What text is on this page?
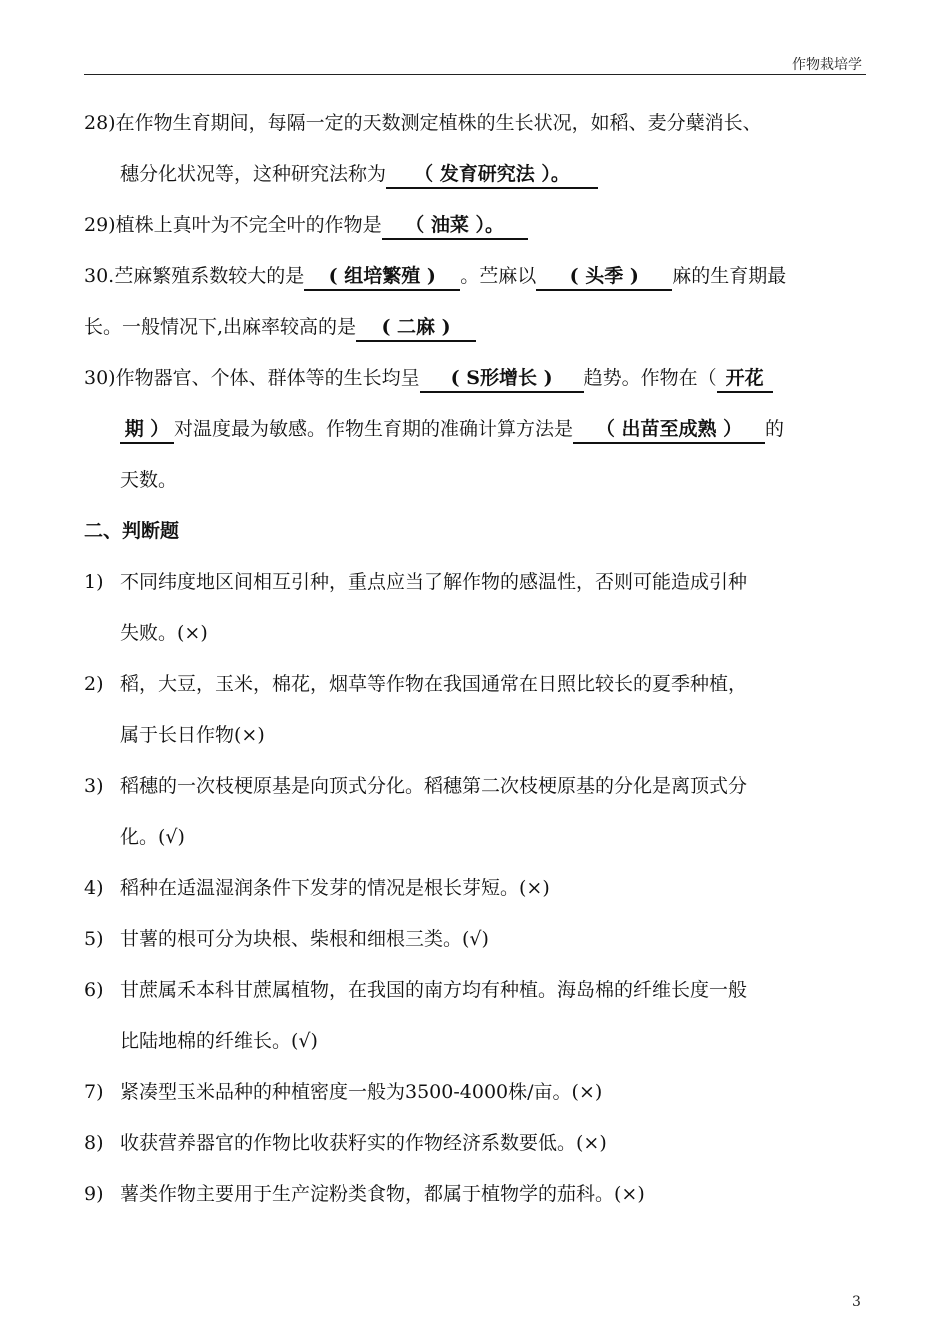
作物栽培学
28)在作物生育期间，每隔一定的天数测定植株的生长状况，如稻、麦分蘖消长、
穗分化状况等，这种研究法称为 （ 发育研究法 ）。
29)植株上真叶为不完全叶的作物是 （ 油菜 ）。
30.苎麻繁殖系数较大的是 ( 组培繁殖 ) 。苎麻以 ( 头季 ) 麻的生育期最
长。一般情况下,出麻率较高的是 ( 二麻 )
30)作物器官、个体、群体等的生长均呈 ( S形增长 ) 趋势。作物在（ 开花
期 ） 对温度最为敏感。作物生育期的准确计算方法是 （ 出苗至成熟 ） 的
天数。
二、判断题
1) 不同纬度地区间相互引种，重点应当了解作物的感温性，否则可能造成引种
失败。(×)
2) 稻，大豆，玉米，棉花，烟草等作物在我国通常在日照比较长的夏季种植，
属于长日作物(×)
3) 稻穗的一次枝梗原基是向顶式分化。稻穗第二次枝梗原基的分化是离顶式分
化。(√)
4) 稻种在适温湿润条件下发芽的情况是根长芽短。(×)
5) 甘薯的根可分为块根、柴根和细根三类。(√)
6) 甘蔗属禾本科甘蔗属植物，在我国的南方均有种植。海岛棉的纤维长度一般
比陆地棉的纤维长。(√)
7) 紧凑型玉米品种的种植密度一般为3500-4000株/亩。(×)
8) 收获营养器官的作物比收获籽实的作物经济系数要低。(×)
9) 薯类作物主要用于生产淀粉类食物，都属于植物学的茄科。(×)
3
